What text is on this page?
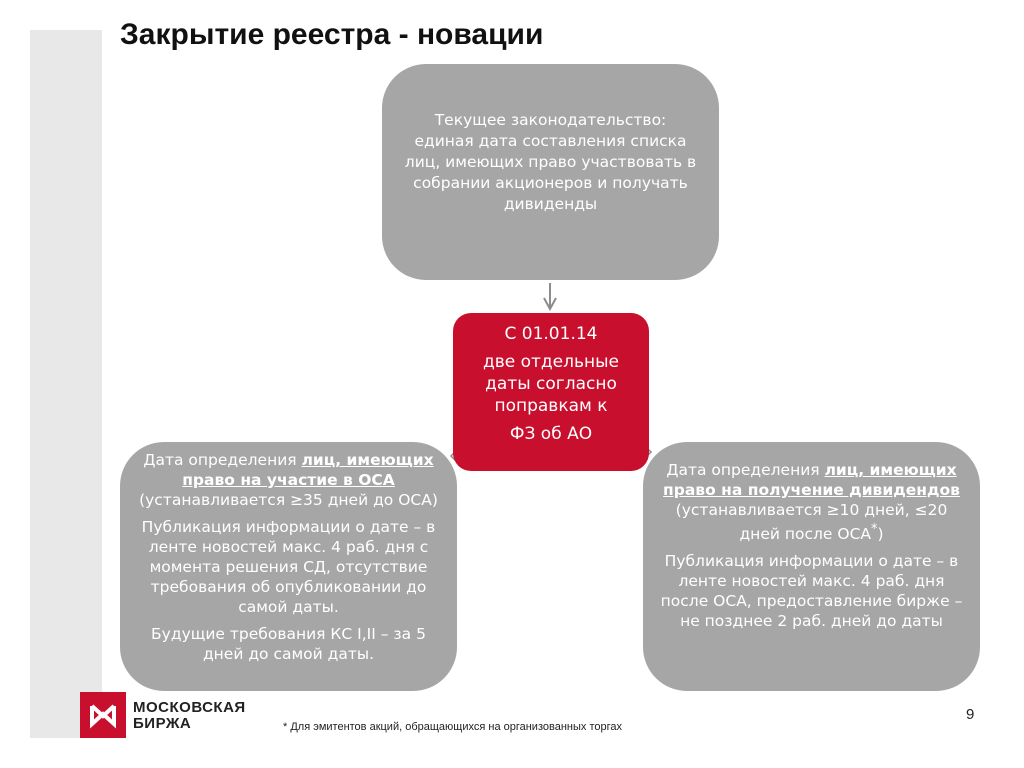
Закрытие реестра - новации
Текущее законодательство: единая дата составления списка лиц, имеющих право участвовать в собрании акционеров и получать дивиденды

С 01.01.14

две отдельные даты согласно поправкам к

ФЗ об АО

Дата определения лиц, имеющих право на участие в ОСА (устанавливается ≥35 дней до ОСА)

Публикация информации о дате – в ленте новостей макс. 4 раб. дня с момента решения СД, отсутствие требования об опубликовании до самой даты.

Будущие требования КС I,II – за 5 дней до самой даты.

Дата определения лиц, имеющих право на получение дивидендов (устанавливается ≥10 дней, ≤20 дней после ОСА*)

Публикация информации о дате – в ленте новостей макс. 4 раб. дня после ОСА, предоставление бирже – не позднее 2 раб. дней до даты

МОСКОВСКАЯ
БИРЖА
9
* Для эмитентов акций, обращающихся на организованных торгах
